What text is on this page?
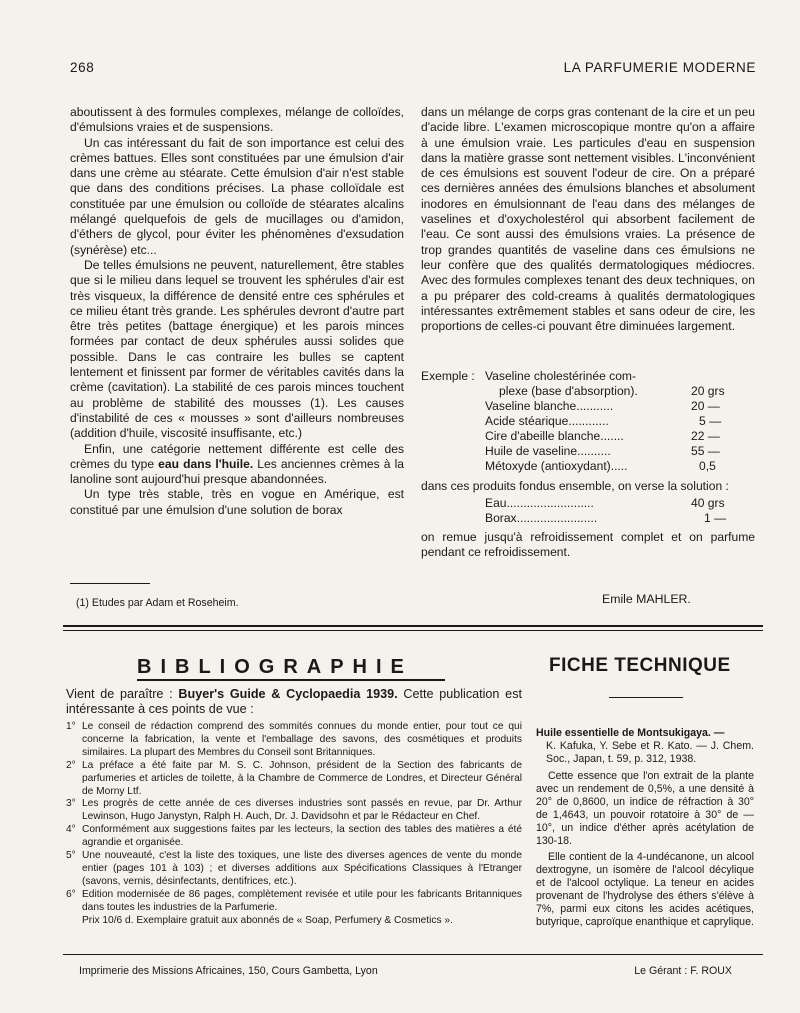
268	LA PARFUMERIE MODERNE

aboutissent à des formules complexes, mélange de colloïdes, d'émulsions vraies et de suspensions.

Un cas intéressant du fait de son importance est celui des crèmes battues. Elles sont constituées par une émulsion d'air dans une crème au stéarate. Cette émulsion d'air n'est stable que dans des conditions précises. La phase colloïdale est constituée par une émulsion ou colloïde de stéarates alcalins mélangé quelquefois de gels de mucillages ou d'amidon, d'éthers de glycol, pour éviter les phénomènes d'exsudation (synérèse) etc...

De telles émulsions ne peuvent, naturellement, être stables que si le milieu dans lequel se trouvent les sphérules d'air est très visqueux, la différence de densité entre ces sphérules et ce milieu étant très grande. Les sphérules devront d'autre part être très petites (battage énergique) et les parois minces formées par contact de deux sphérules aussi solides que possible. Dans le cas contraire les bulles se captent lentement et finissent par former de véritables cavités dans la crème (cavitation). La stabilité de ces parois minces touchent au problème de stabilité des mousses (1). Les causes d'instabilité de ces « mousses » sont d'ailleurs nombreuses (addition d'huile, viscosité insuffisante, etc.)

Enfin, une catégorie nettement différente est celle des crèmes du type eau dans l'huile. Les anciennes crèmes à la lanoline sont aujourd'hui presque abandonnées.

Un type très stable, très en vogue en Amérique, est constitué par une émulsion d'une solution de borax

(1) Etudes par Adam et Roseheim.

dans un mélange de corps gras contenant de la cire et un peu d'acide libre. L'examen microscopique montre qu'on a affaire à une émulsion vraie. Les particules d'eau en suspension dans la matière grasse sont nettement visibles. L'inconvénient de ces émulsions est souvent l'odeur de cire. On a préparé ces dernières années des émulsions blanches et absolument inodores en émulsionnant de l'eau dans des mélanges de vaselines et d'oxycholestérol qui absorbent facilement de l'eau. Ce sont aussi des émulsions vraies. La présence de trop grandes quantités de vaseline dans ces émulsions ne leur confère que des qualités dermatologiques médiocres. Avec des formules complexes tenant des deux techniques, on a pu préparer des cold-creams à qualités dermatologiques intéressantes extrêmement stables et sans odeur de cire, les proportions de celles-ci pouvant être diminuées largement.

Exemple : Vaseline cholestérinée com-
plexe (base d'absorption).	20 grs
Vaseline blanche...........	20 —
Acide stéarique............	5 —
Cire d'abeille blanche.......	22 —
Huile de vaseline..........	55 —
Métoxyde (antioxydant).....	0,5
dans ces produits fondus ensemble, on verse la solution :
Eau..........................	40 grs
Borax........................	1 —
on remue jusqu'à refroidissement complet et on parfume pendant ce refroidissement.
Emile MAHLER.
BIBLIOGRAPHIE
Vient de paraître : Buyer's Guide & Cyclopaedia 1939. Cette publication est intéressante à ces points de vue :
1° Le conseil de rédaction comprend des sommités connues du monde entier, pour tout ce qui concerne la fabrication, la vente et l'emballage des savons, des cosmétiques et produits similaires. La plupart des Membres du Conseil sont Britanniques.
2° La préface a été faite par M. S. C. Johnson, président de la Section des fabricants de parfumeries et articles de toilette, à la Chambre de Commerce de Londres, et Directeur Général de Morny Ltf.
3° Les progrès de cette année de ces diverses industries sont passés en revue, par Dr. Arthur Lewinson, Hugo Janystyn, Ralph H. Auch, Dr. J. Davidsohn et par le Rédacteur en Chef.
4° Conformément aux suggestions faites par les lecteurs, la section des tables des matières a été agrandie et organisée.
5° Une nouveauté, c'est la liste des toxiques, une liste des diverses agences de vente du monde entier (pages 101 à 103) ; et diverses additions aux Spécifications Classiques à l'Etranger (savons, vernis, désinfectants, dentifrices, etc.).
6° Edition modernisée de 86 pages, complètement revisée et utile pour les fabricants Britanniques dans toutes les industries de la Parfumerie.
Prix 10/6 d. Exemplaire gratuit aux abonnés de « Soap, Perfumery & Cosmetics ».
FICHE TECHNIQUE

Huile essentielle de Montsukigaya. —

K. Kafuka, Y. Sebe et R. Kato. — J. Chem. Soc., Japan, t. 59, p. 312, 1938.

Cette essence que l'on extrait de la plante avec un rendement de 0,5%, a une densité à 20° de 0,8600, un indice de réfraction à 30° de 1,4643, un pouvoir rotatoire à 30° de —10°, un indice d'éther après acétylation de 130-18.

Elle contient de la 4-undécanone, un alcool dextrogyne, un isomère de l'alcool décylique et de l'alcool octylique. La teneur en acides provenant de l'hydrolyse des éthers s'élève à 7%, parmi eux citons les acides acétiques, butyrique, caproïque enanthique et caprylique.

Imprimerie des Missions Africaines, 150, Cours Gambetta, Lyon	Le Gérant : F. ROUX
